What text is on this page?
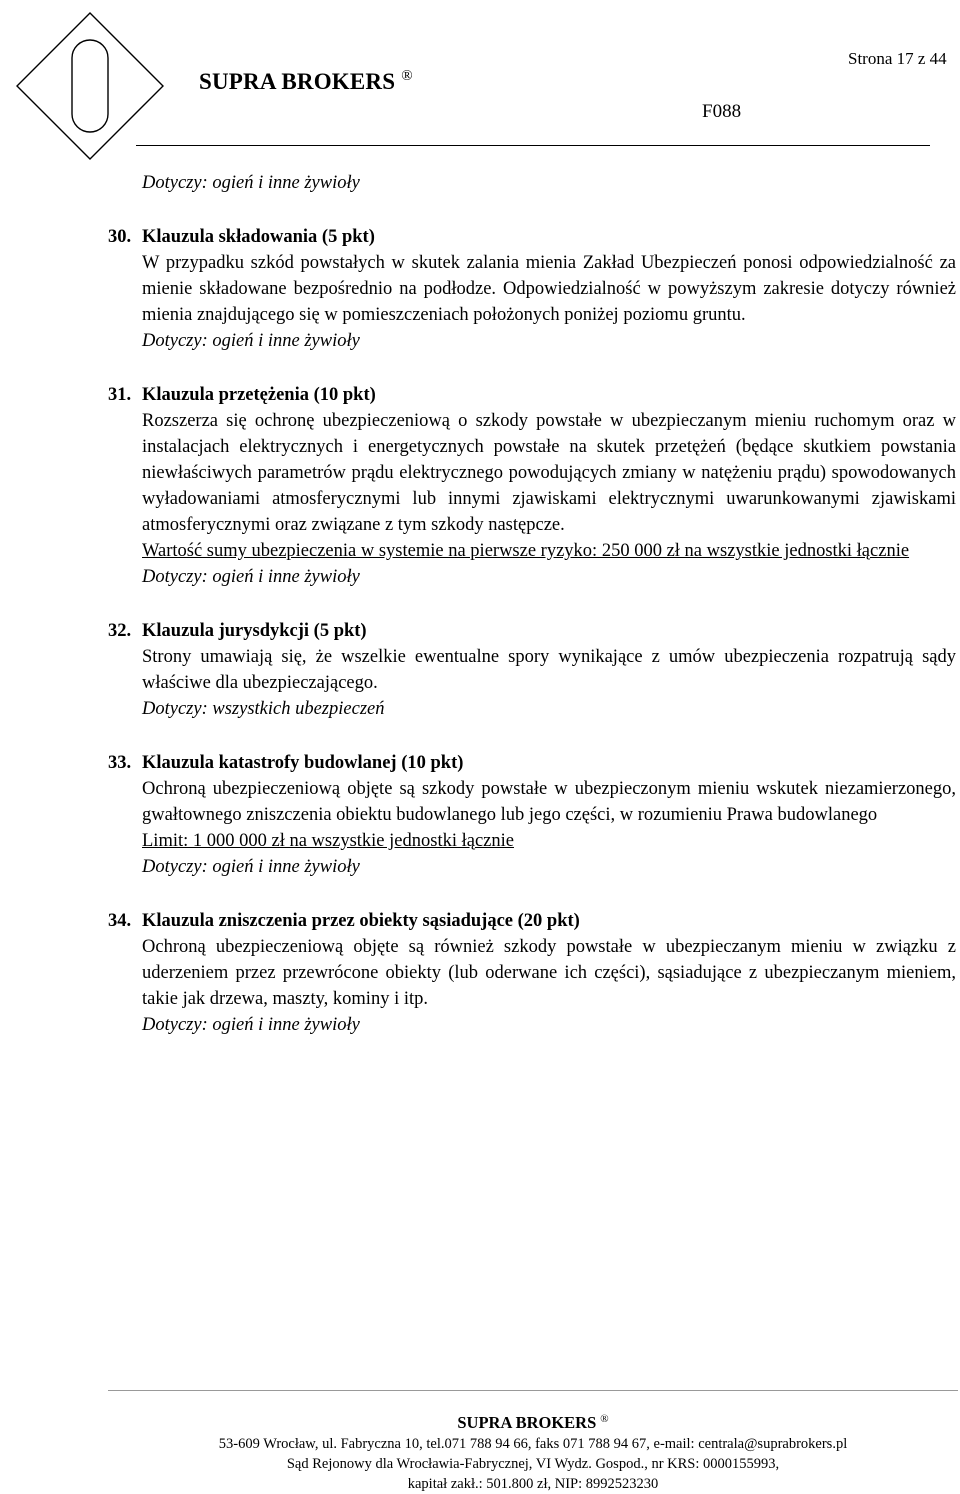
SUPRA BROKERS ®
Strona 17 z 44
F088
Dotyczy: ogień i inne żywioły
30. Klauzula składowania (5 pkt)
W przypadku szkód powstałych w skutek zalania mienia Zakład Ubezpieczeń ponosi odpowiedzialność za mienie składowane bezpośrednio na podłodze. Odpowiedzialność w powyższym zakresie dotyczy również mienia znajdującego się w pomieszczeniach położonych poniżej poziomu gruntu.
Dotyczy: ogień i inne żywioły
31. Klauzula przetężenia (10 pkt)
Rozszerza się ochronę ubezpieczeniową o szkody powstałe w ubezpieczanym mieniu ruchomym oraz w instalacjach elektrycznych i energetycznych powstałe na skutek przetężeń (będące skutkiem powstania niewłaściwych parametrów prądu elektrycznego powodujących zmiany w natężeniu prądu) spowodowanych wyładowaniami atmosferycznymi lub innymi zjawiskami elektrycznymi uwarunkowanymi zjawiskami atmosferycznymi oraz związane z tym szkody następcze.
Wartość sumy ubezpieczenia w systemie na pierwsze ryzyko: 250 000 zł na wszystkie jednostki łącznie
Dotyczy: ogień i inne żywioły
32. Klauzula jurysdykcji (5 pkt)
Strony umawiają się, że wszelkie ewentualne spory wynikające z umów ubezpieczenia rozpatrują sądy właściwe dla ubezpieczającego.
Dotyczy: wszystkich ubezpieczeń
33. Klauzula katastrofy budowlanej (10 pkt)
Ochroną ubezpieczeniową objęte są szkody powstałe w ubezpieczonym mieniu wskutek niezamierzonego, gwałtownego zniszczenia obiektu budowlanego lub jego części, w rozumieniu Prawa budowlanego
Limit: 1 000 000 zł na wszystkie jednostki łącznie
Dotyczy: ogień i inne żywioły
34. Klauzula zniszczenia przez obiekty sąsiadujące (20 pkt)
Ochroną ubezpieczeniową objęte są również szkody powstałe w ubezpieczanym mieniu w związku z uderzeniem przez przewrócone obiekty (lub oderwane ich części), sąsiadujące z ubezpieczanym mieniem, takie jak drzewa, maszty, kominy i itp.
Dotyczy: ogień i inne żywioły
SUPRA BROKERS ®
53-609 Wrocław, ul. Fabryczna 10, tel.071 788 94 66, faks 071 788 94 67, e-mail: centrala@suprabrokers.pl
Sąd Rejonowy dla Wrocławia-Fabrycznej, VI Wydz. Gospod., nr KRS: 0000155993,
kapitał zakł.: 501.800 zł, NIP: 8992523230
